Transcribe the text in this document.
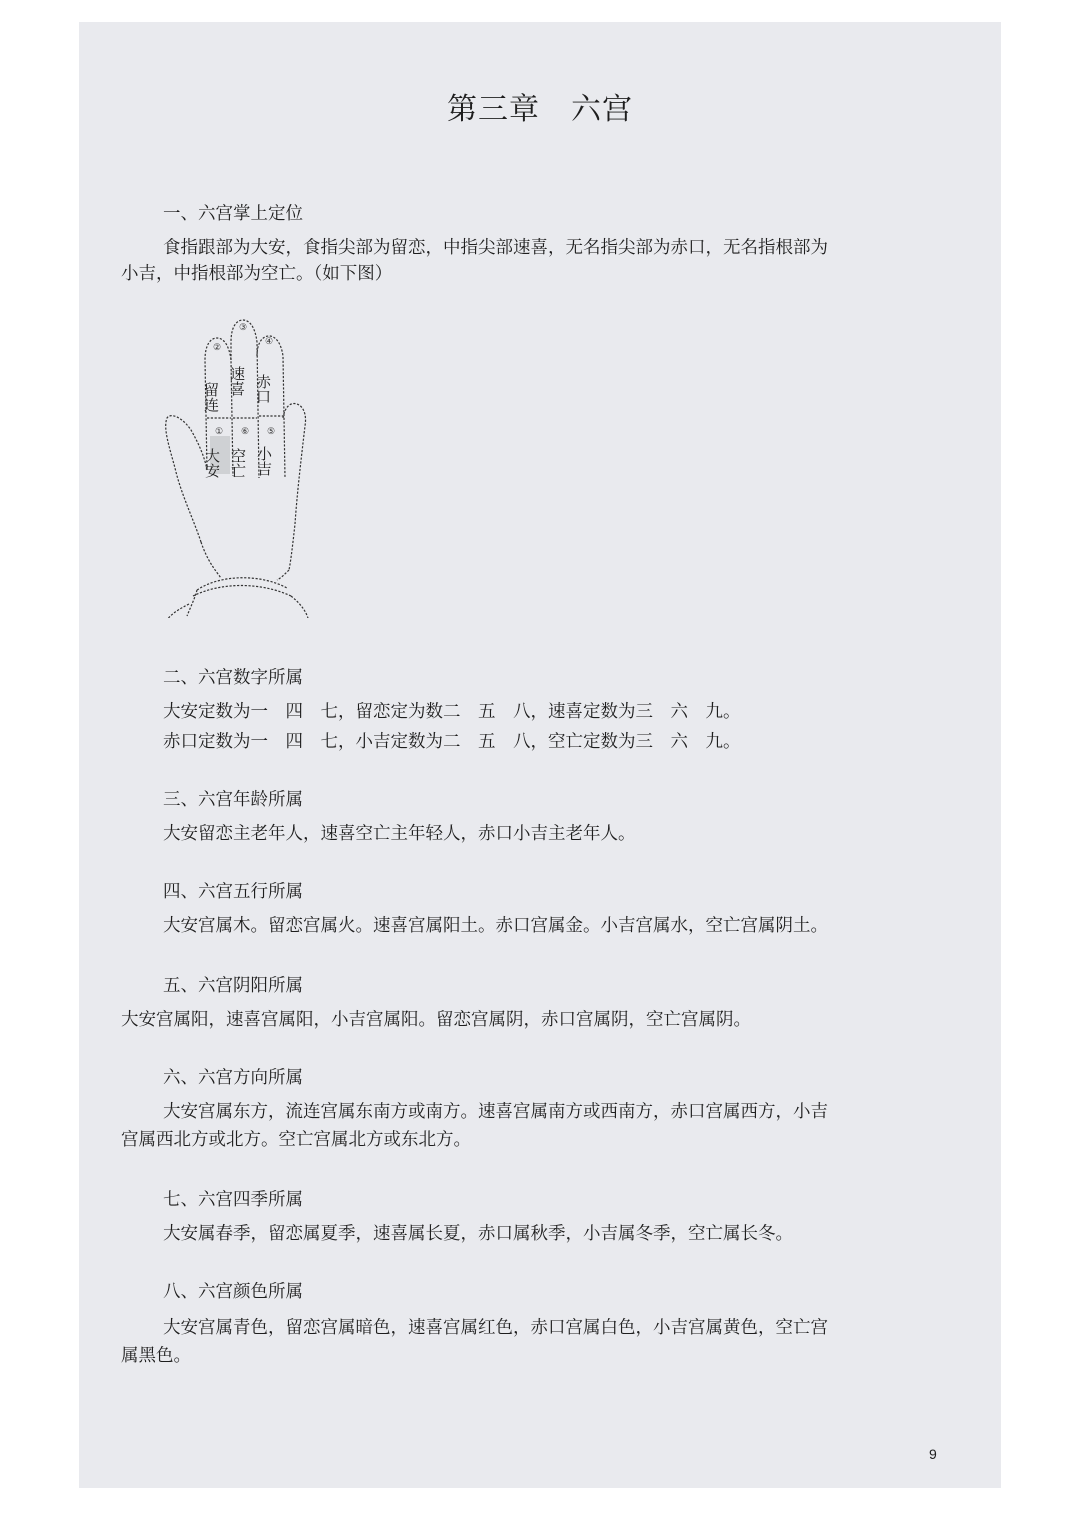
第三章　六宫
一、六宫掌上定位
食指跟部为大安，食指尖部为留恋，中指尖部速喜，无名指尖部为赤口，无名指根部为
小吉，中指根部为空亡。（如下图）
②
③
④
① ⑥ ⑤
留连
速喜 赤口
大安 空亡 小吉
二、六宫数字所属
大安定数为一　四　七，留恋定为数二　五　八，速喜定数为三　六　九。
赤口定数为一　四　七，小吉定数为二　五　八，空亡定数为三　六　九。
三、六宫年龄所属
大安留恋主老年人，速喜空亡主年轻人，赤口小吉主老年人。
四、六宫五行所属
大安宫属木。留恋宫属火。速喜宫属阳土。赤口宫属金。小吉宫属水，空亡宫属阴土。
五、六宫阴阳所属
大安宫属阳，速喜宫属阳，小吉宫属阳。留恋宫属阴，赤口宫属阴，空亡宫属阴。
六、六宫方向所属
大安宫属东方，流连宫属东南方或南方。速喜宫属南方或西南方，赤口宫属西方，小吉
宫属西北方或北方。空亡宫属北方或东北方。
七、六宫四季所属
大安属春季，留恋属夏季，速喜属长夏，赤口属秋季，小吉属冬季，空亡属长冬。
八、六宫颜色所属
大安宫属青色，留恋宫属暗色，速喜宫属红色，赤口宫属白色，小吉宫属黄色，空亡宫
属黑色。
9
